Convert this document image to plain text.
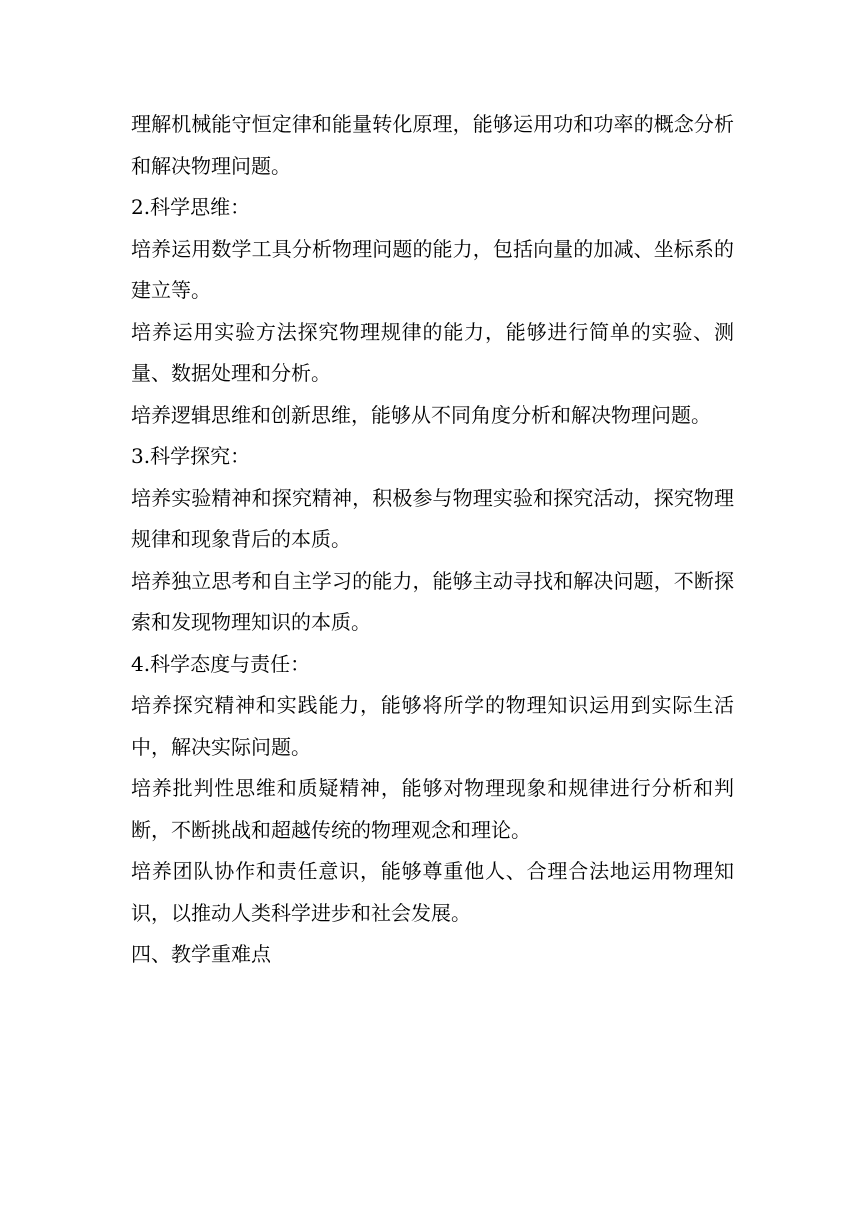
理解机械能守恒定律和能量转化原理，能够运用功和功率的概念分析和解决物理问题。

2.科学思维：

培养运用数学工具分析物理问题的能力，包括向量的加减、坐标系的建立等。

培养运用实验方法探究物理规律的能力，能够进行简单的实验、测量、数据处理和分析。

培养逻辑思维和创新思维，能够从不同角度分析和解决物理问题。

3.科学探究：

培养实验精神和探究精神，积极参与物理实验和探究活动，探究物理规律和现象背后的本质。

培养独立思考和自主学习的能力，能够主动寻找和解决问题，不断探索和发现物理知识的本质。

4.科学态度与责任：

培养探究精神和实践能力，能够将所学的物理知识运用到实际生活中，解决实际问题。

培养批判性思维和质疑精神，能够对物理现象和规律进行分析和判断，不断挑战和超越传统的物理观念和理论。

培养团队协作和责任意识，能够尊重他人、合理合法地运用物理知识，以推动人类科学进步和社会发展。

四、教学重难点
